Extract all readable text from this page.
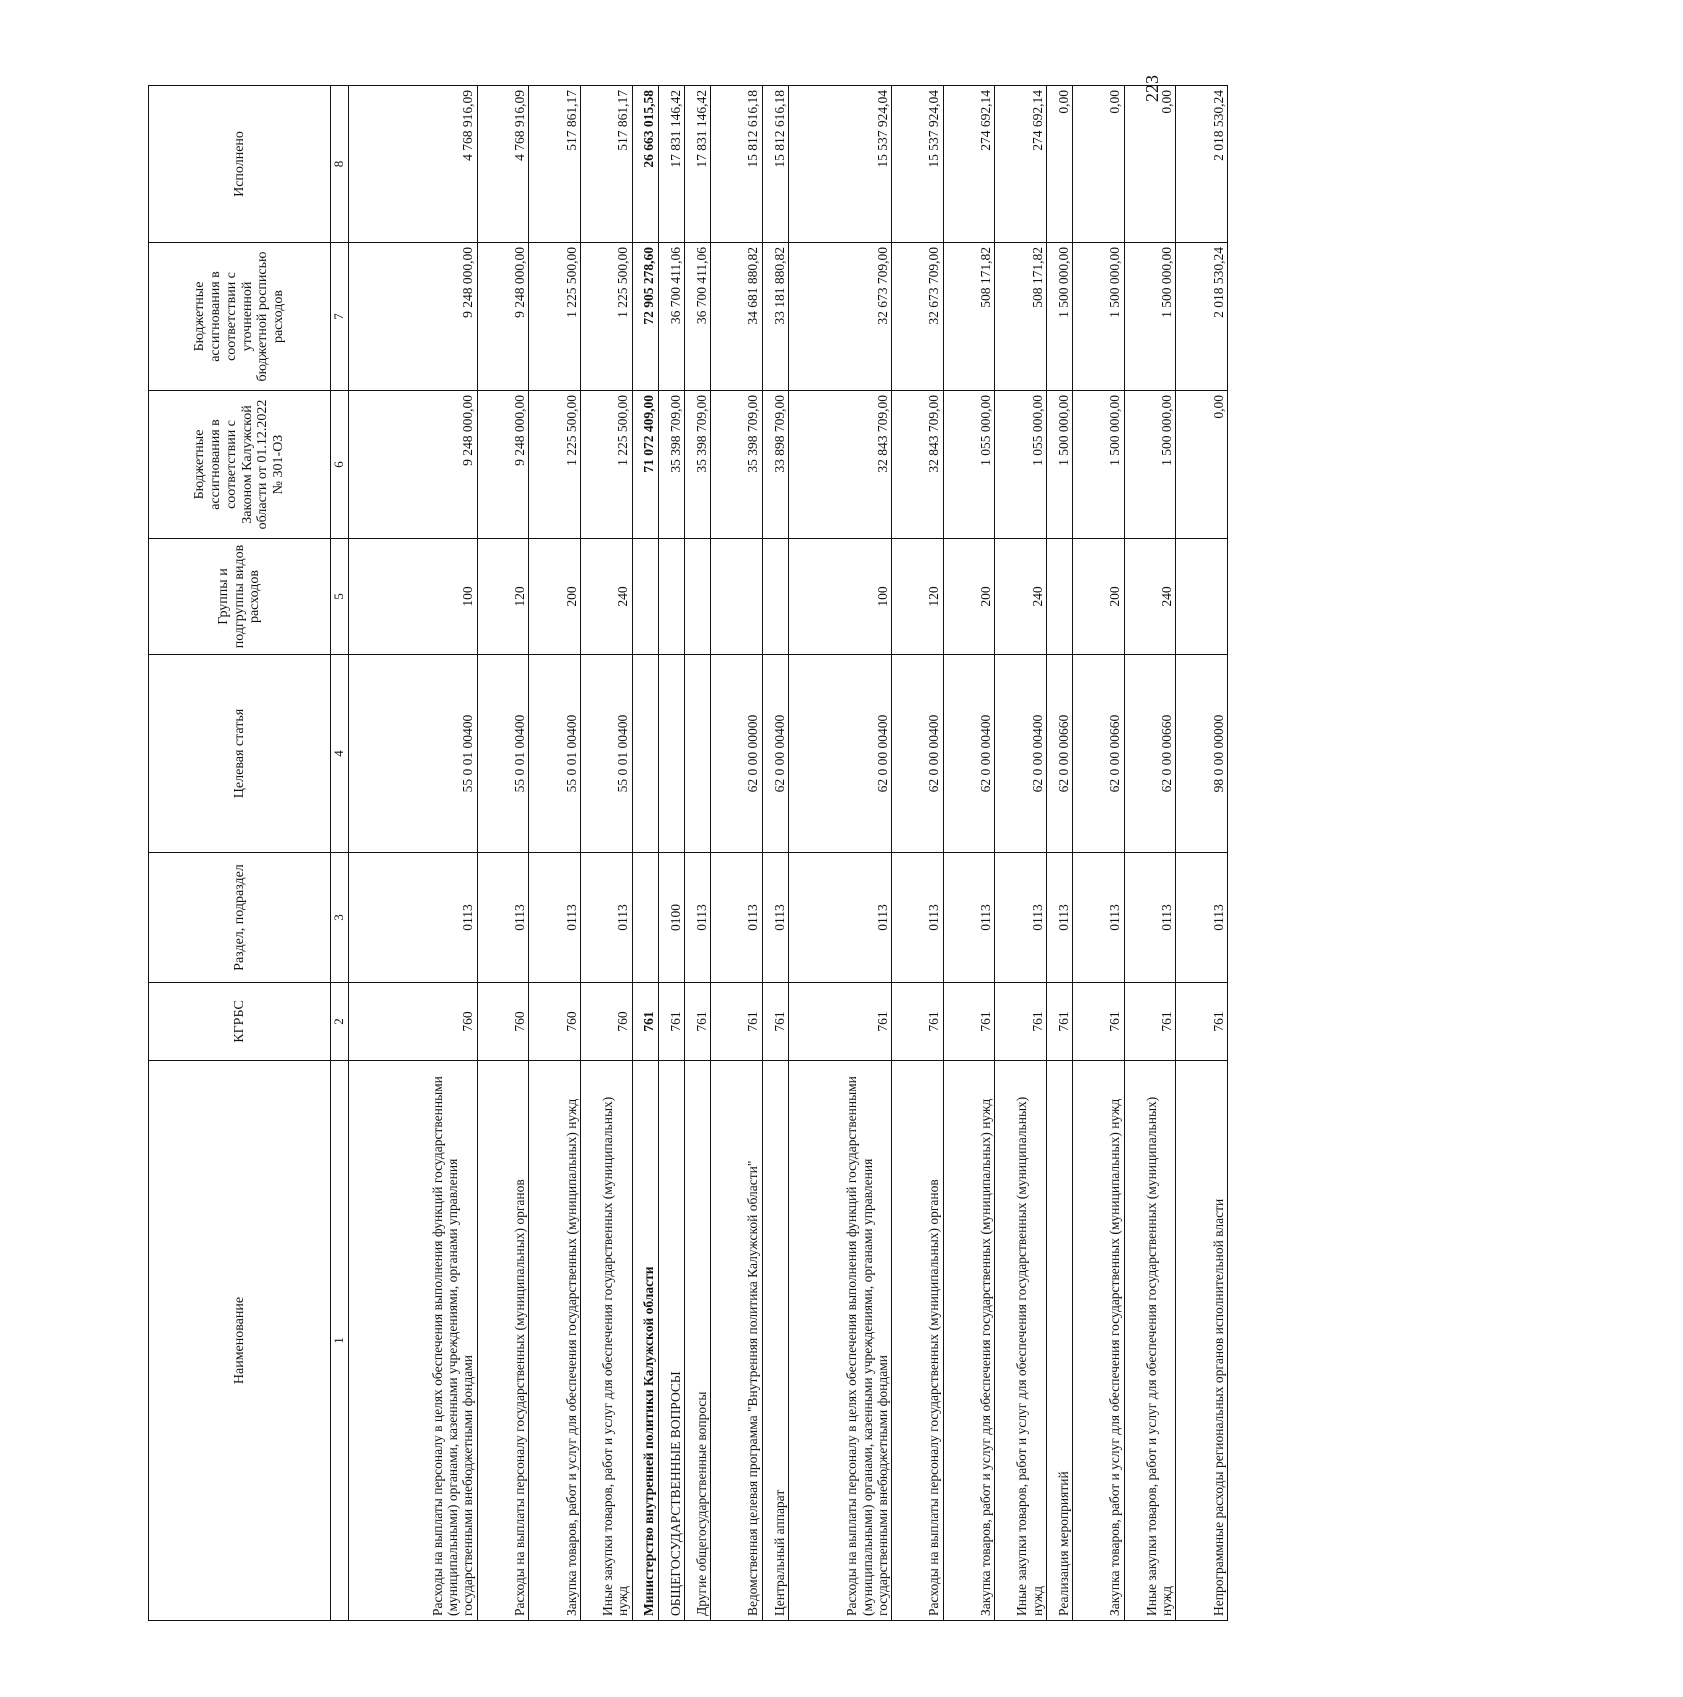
223
Наименование	КГРБС	Раздел, подраздел	Целевая статья	Группы и подгруппы видов расходов	Бюджетные ассигнования в соответствии с Законом Калужской области от 01.12.2022 № 301-ОЗ	Бюджетные ассигнования в соответствии с уточненной бюджетной росписью расходов	Исполнено
1	2	3	4	5	6	7	8
Расходы на выплаты персоналу в целях обеспечения выполнения функций государственными (муниципальными) органами, казенными учреждениями, органами управления государственными внебюджетными фондами	760	0113	55 0 01 00400	100	9 248 000,00	9 248 000,00	4 768 916,09
Расходы на выплаты персоналу государственных (муниципальных) органов	760	0113	55 0 01 00400	120	9 248 000,00	9 248 000,00	4 768 916,09
Закупка товаров, работ и услуг для обеспечения государственных (муниципальных) нужд	760	0113	55 0 01 00400	200	1 225 500,00	1 225 500,00	517 861,17
Иные закупки товаров, работ и услуг для обеспечения государственных (муниципальных) нужд	760	0113	55 0 01 00400	240	1 225 500,00	1 225 500,00	517 861,17
Министерство внутренней политики Калужской области	761				71 072 409,00	72 905 278,60	26 663 015,58
ОБЩЕГОСУДАРСТВЕННЫЕ ВОПРОСЫ	761	0100			35 398 709,00	36 700 411,06	17 831 146,42
Другие общегосударственные вопросы	761	0113			35 398 709,00	36 700 411,06	17 831 146,42
Ведомственная целевая программа "Внутренняя политика Калужской области"	761	0113	62 0 00 00000		35 398 709,00	34 681 880,82	15 812 616,18
Центральный аппарат	761	0113	62 0 00 00400		33 898 709,00	33 181 880,82	15 812 616,18
Расходы на выплаты персоналу в целях обеспечения выполнения функций государственными (муниципальными) органами, казенными учреждениями, органами управления государственными внебюджетными фондами	761	0113	62 0 00 00400	100	32 843 709,00	32 673 709,00	15 537 924,04
Расходы на выплаты персоналу государственных (муниципальных) органов	761	0113	62 0 00 00400	120	32 843 709,00	32 673 709,00	15 537 924,04
Закупка товаров, работ и услуг для обеспечения государственных (муниципальных) нужд	761	0113	62 0 00 00400	200	1 055 000,00	508 171,82	274 692,14
Иные закупки товаров, работ и услуг для обеспечения государственных (муниципальных) нужд	761	0113	62 0 00 00400	240	1 055 000,00	508 171,82	274 692,14
Реализация мероприятий	761	0113	62 0 00 00660		1 500 000,00	1 500 000,00	0,00
Закупка товаров, работ и услуг для обеспечения государственных (муниципальных) нужд	761	0113	62 0 00 00660	200	1 500 000,00	1 500 000,00	0,00
Иные закупки товаров, работ и услуг для обеспечения государственных (муниципальных) нужд	761	0113	62 0 00 00660	240	1 500 000,00	1 500 000,00	0,00
Непрограммные расходы региональных органов исполнительной власти	761	0113	98 0 00 00000		0,00	2 018 530,24	2 018 530,24
